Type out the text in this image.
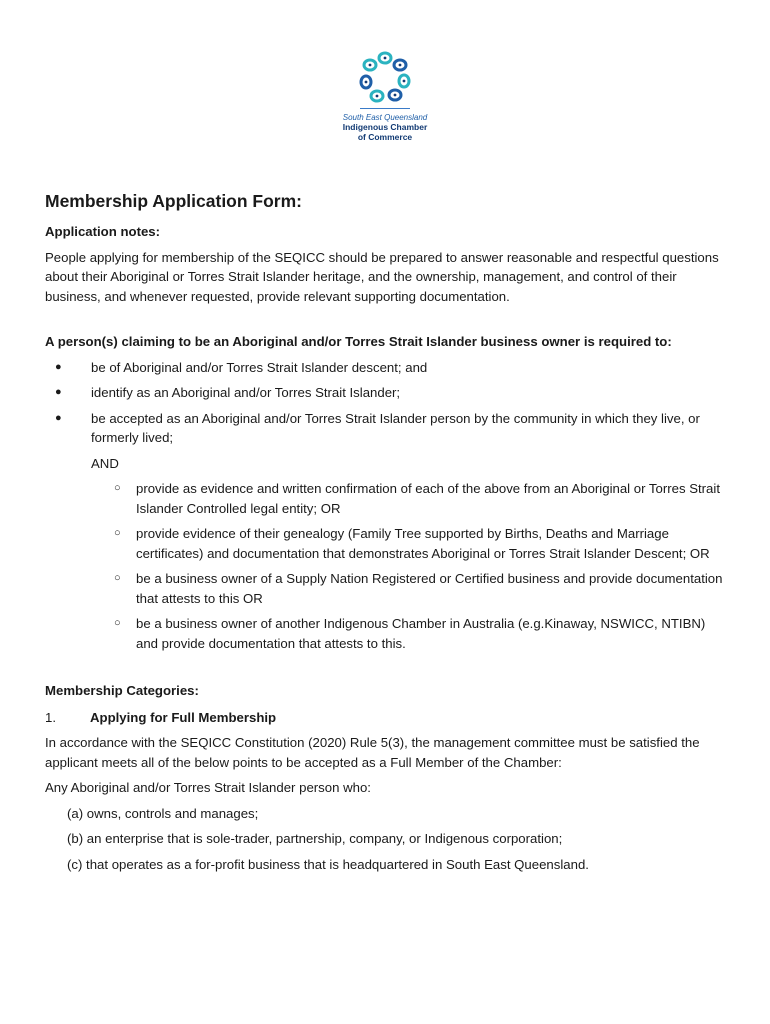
South East Queensland
Indigenous Chamber
of Commerce
Membership Application Form:

Application notes:

People applying for membership of the SEQICC should be prepared to answer reasonable and respectful questions about their Aboriginal or Torres Strait Islander heritage, and the ownership, management, and control of their business, and whenever requested, provide relevant supporting documentation.

A person(s) claiming to be an Aboriginal and/or Torres Strait Islander business owner is required to:

● be of Aboriginal and/or Torres Strait Islander descent; and
● identify as an Aboriginal and/or Torres Strait Islander;
● be accepted as an Aboriginal and/or Torres Strait Islander person by the community in which they live, or formerly lived;

AND

○ provide as evidence and written confirmation of each of the above from an Aboriginal or Torres Strait Islander Controlled legal entity; OR
○ provide evidence of their genealogy (Family Tree supported by Births, Deaths and Marriage certificates) and documentation that demonstrates Aboriginal or Torres Strait Islander Descent; OR
○ be a business owner of a Supply Nation Registered or Certified business and provide documentation that attests to this OR
○ be a business owner of another Indigenous Chamber in Australia (e.g.Kinaway, NSWICC, NTIBN) and provide documentation that attests to this.

Membership Categories:

1.	Applying for Full Membership

In accordance with the SEQICC Constitution (2020) Rule 5(3), the management committee must be satisfied the applicant meets all of the below points to be accepted as a Full Member of the Chamber:

Any Aboriginal and/or Torres Strait Islander person who:

(a) owns, controls and manages;

(b) an enterprise that is sole-trader, partnership, company, or Indigenous corporation;

(c) that operates as a for-profit business that is headquartered in South East Queensland.
